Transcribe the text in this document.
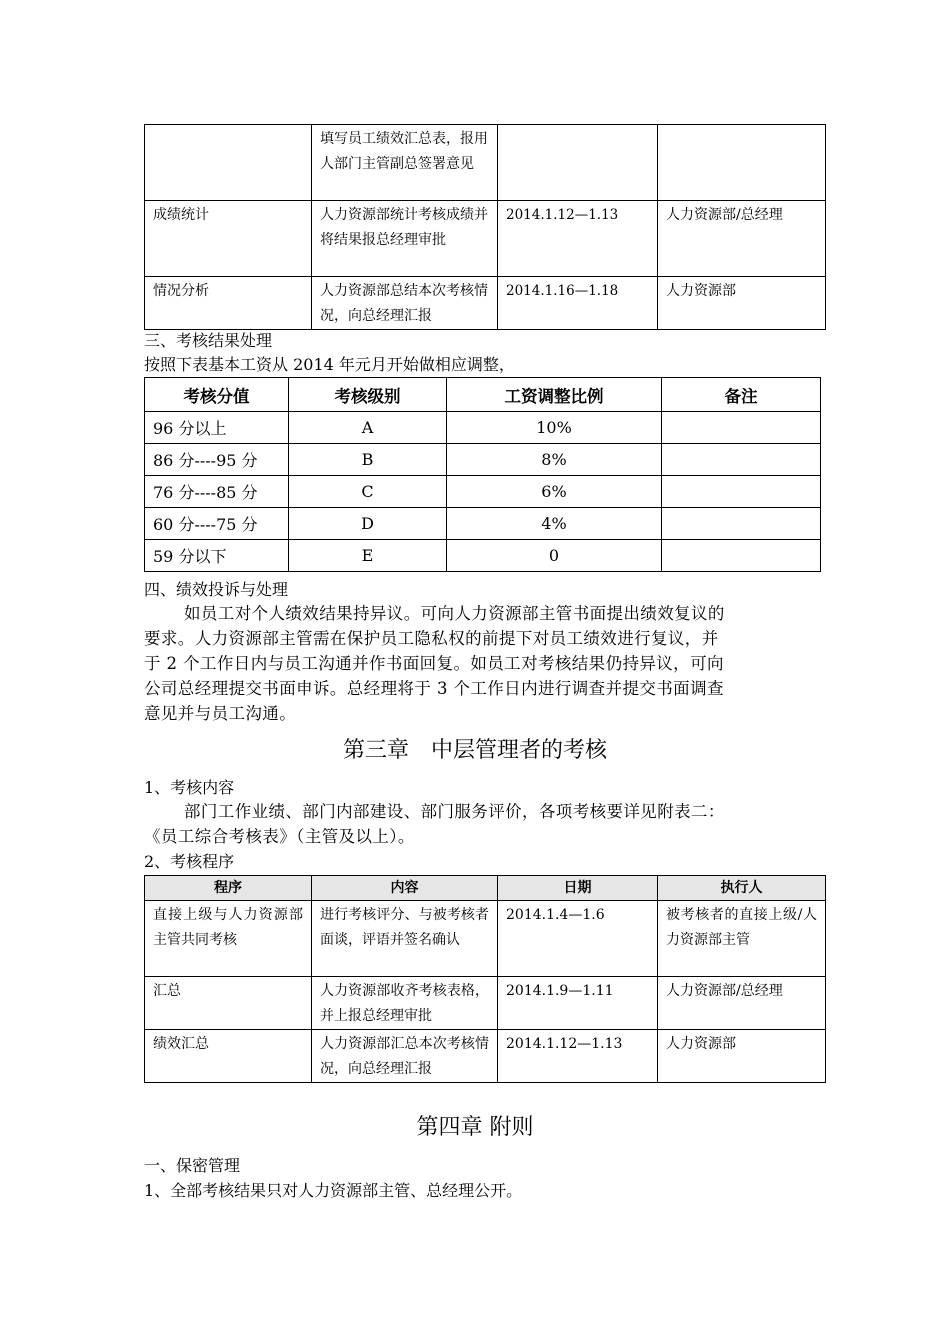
	填写员工绩效汇总表，报用人部门主管副总签署意见		
成绩统计	人力资源部统计考核成绩并将结果报总经理审批	2014.1.12—1.13	人力资源部/总经理
情况分析	人力资源部总结本次考核情况，向总经理汇报	2014.1.16—1.18	人力资源部
三、考核结果处理
按照下表基本工资从 2014 年元月开始做相应调整，
考核分值	考核级别	工资调整比例	备注
96 分以上	A	10%	
86 分----95 分	B	8%	
76 分----85 分	C	6%	
60 分----75 分	D	4%	
59 分以下	E	0	
四、绩效投诉与处理
如员工对个人绩效结果持异议。可向人力资源部主管书面提出绩效复议的
要求。人力资源部主管需在保护员工隐私权的前提下对员工绩效进行复议，并
于 2 个工作日内与员工沟通并作书面回复。如员工对考核结果仍持异议，可向
公司总经理提交书面申诉。总经理将于 3 个工作日内进行调查并提交书面调查
意见并与员工沟通。
第三章　中层管理者的考核
1、考核内容
部门工作业绩、部门内部建设、部门服务评价，各项考核要详见附表二：
《员工综合考核表》（主管及以上）。
2、考核程序
程序	内容	日期	执行人
直接上级与人力资源部主管共同考核	进行考核评分、与被考核者面谈，评语并签名确认	2014.1.4—1.6	被考核者的直接上级/人力资源部主管
汇总	人力资源部收齐考核表格，并上报总经理审批	2014.1.9—1.11	人力资源部/总经理
绩效汇总	人力资源部汇总本次考核情况，向总经理汇报	2014.1.12—1.13	人力资源部
第四章 附则
一、保密管理
1、全部考核结果只对人力资源部主管、总经理公开。
